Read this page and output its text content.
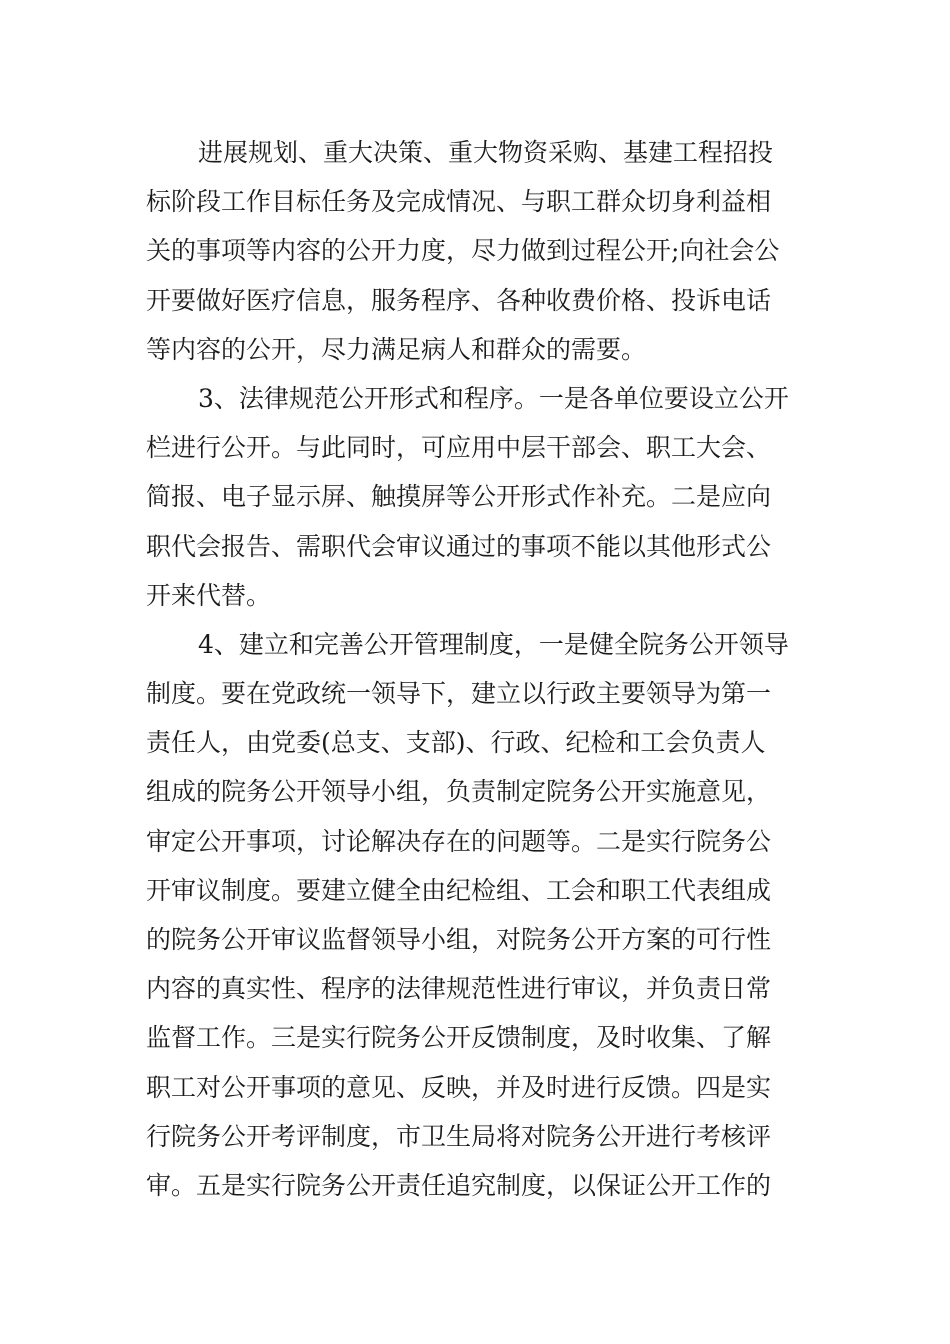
进展规划、重大决策、重大物资采购、基建工程招投
标阶段工作目标任务及完成情况、与职工群众切身利益相
关的事项等内容的公开力度，尽力做到过程公开;向社会公
开要做好医疗信息，服务程序、各种收费价格、投诉电话
等内容的公开，尽力满足病人和群众的需要。
3、法律规范公开形式和程序。一是各单位要设立公开
栏进行公开。与此同时，可应用中层干部会、职工大会、
简报、电子显示屏、触摸屏等公开形式作补充。二是应向
职代会报告、需职代会审议通过的事项不能以其他形式公
开来代替。
4、建立和完善公开管理制度，一是健全院务公开领导
制度。要在党政统一领导下，建立以行政主要领导为第一
责任人，由党委(总支、支部)、行政、纪检和工会负责人
组成的院务公开领导小组，负责制定院务公开实施意见，
审定公开事项，讨论解决存在的问题等。二是实行院务公
开审议制度。要建立健全由纪检组、工会和职工代表组成
的院务公开审议监督领导小组，对院务公开方案的可行性
内容的真实性、程序的法律规范性进行审议，并负责日常
监督工作。三是实行院务公开反馈制度，及时收集、了解
职工对公开事项的意见、反映，并及时进行反馈。四是实
行院务公开考评制度，市卫生局将对院务公开进行考核评
审。五是实行院务公开责任追究制度，以保证公开工作的
